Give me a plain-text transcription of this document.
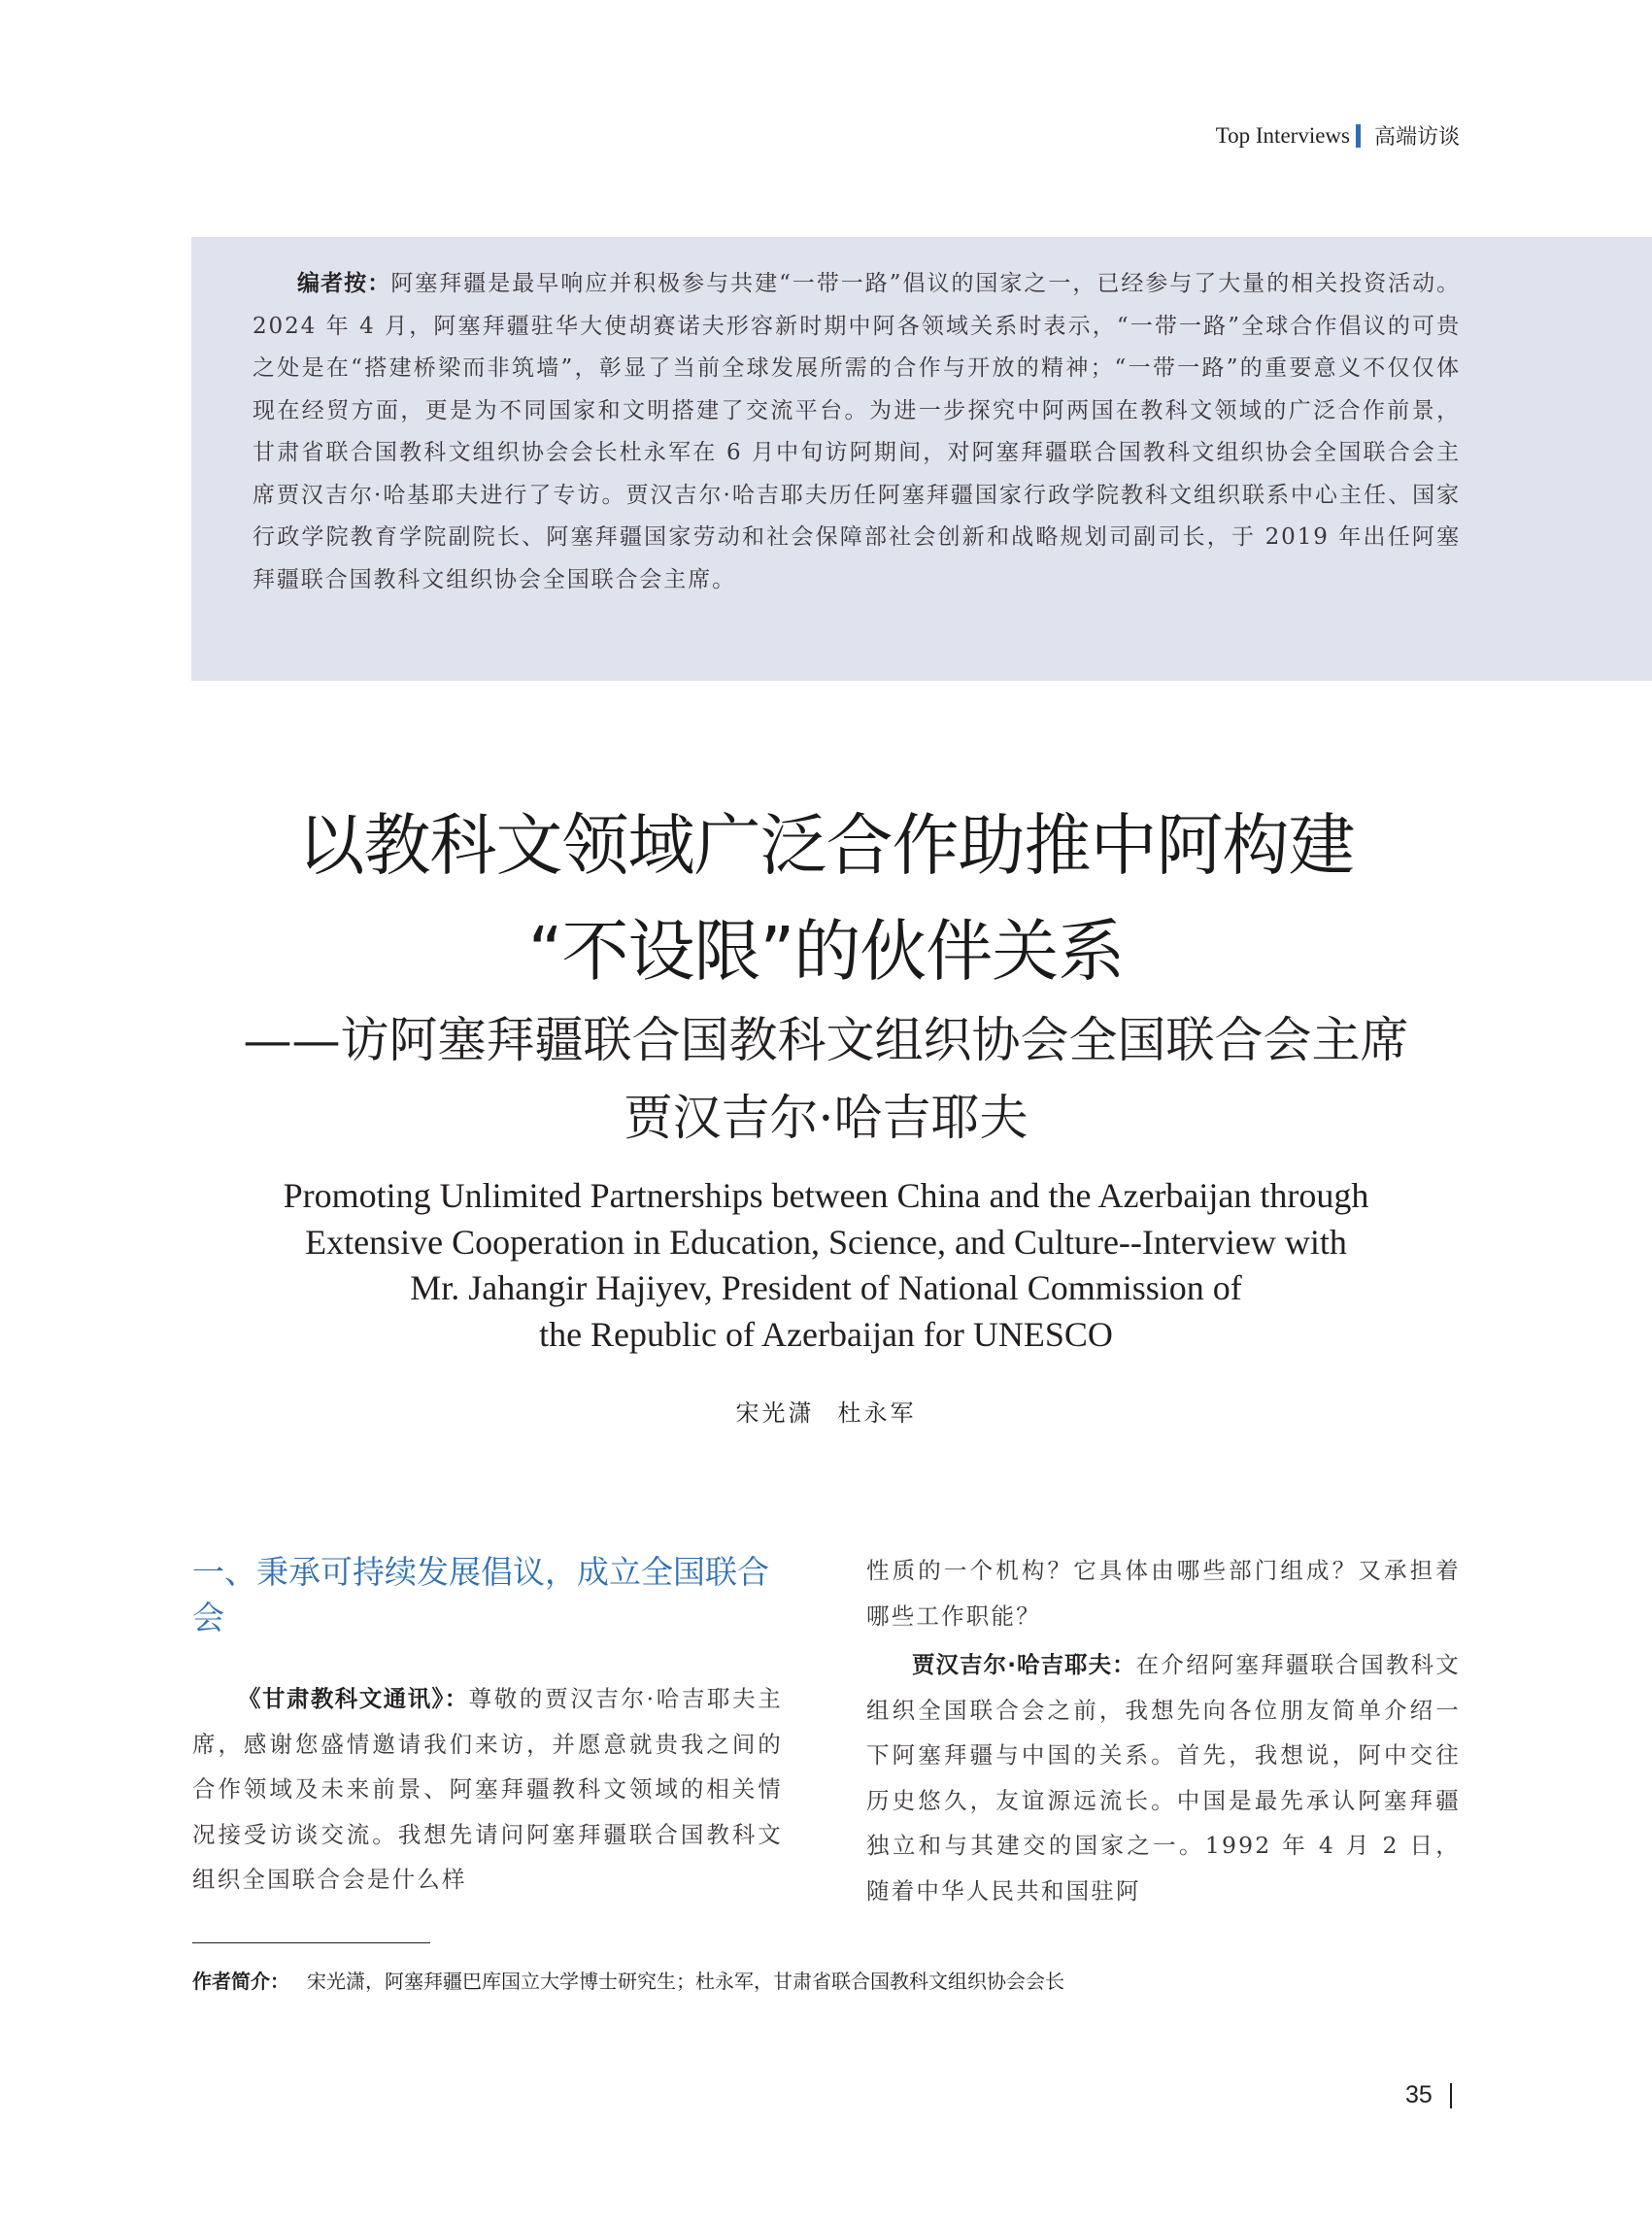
Top Interviews 高端访谈
编者按：阿塞拜疆是最早响应并积极参与共建“一带一路”倡议的国家之一，已经参与了大量的相关投资活动。2024 年 4 月，阿塞拜疆驻华大使胡赛诺夫形容新时期中阿各领域关系时表示，“一带一路”全球合作倡议的可贵之处是在“搭建桥梁而非筑墙”，彰显了当前全球发展所需的合作与开放的精神；“一带一路”的重要意义不仅仅体现在经贸方面，更是为不同国家和文明搭建了交流平台。为进一步探究中阿两国在教科文领域的广泛合作前景，甘肃省联合国教科文组织协会会长杜永军在 6 月中旬访阿期间，对阿塞拜疆联合国教科文组织协会全国联合会主席贾汉吉尔·哈基耶夫进行了专访。贾汉吉尔·哈吉耶夫历任阿塞拜疆国家行政学院教科文组织联系中心主任、国家行政学院教育学院副院长、阿塞拜疆国家劳动和社会保障部社会创新和战略规划司副司长，于 2019 年出任阿塞拜疆联合国教科文组织协会全国联合会主席。
以教科文领域广泛合作助推中阿构建
“不设限”的伙伴关系
——访阿塞拜疆联合国教科文组织协会全国联合会主席
贾汉吉尔·哈吉耶夫
Promoting Unlimited Partnerships between China and the Azerbaijan through
Extensive Cooperation in Education, Science, and Culture--Interview with
Mr. Jahangir Hajiyev, President of National Commission of
the Republic of Azerbaijan for UNESCO
宋光潇 杜永军
一、秉承可持续发展倡议，成立全国联合会

《甘肃教科文通讯》：尊敬的贾汉吉尔·哈吉耶夫主席，感谢您盛情邀请我们来访，并愿意就贵我之间的合作领域及未来前景、阿塞拜疆教科文领域的相关情况接受访谈交流。我想先请问阿塞拜疆联合国教科文组织全国联合会是什么样

性质的一个机构？它具体由哪些部门组成？又承担着哪些工作职能？

贾汉吉尔·哈吉耶夫：在介绍阿塞拜疆联合国教科文组织全国联合会之前，我想先向各位朋友简单介绍一下阿塞拜疆与中国的关系。首先，我想说，阿中交往历史悠久，友谊源远流长。中国是最先承认阿塞拜疆独立和与其建交的国家之一。1992 年 4 月 2 日，随着中华人民共和国驻阿

作者简介： 宋光潇，阿塞拜疆巴库国立大学博士研究生；杜永军，甘肃省联合国教科文组织协会会长
35
